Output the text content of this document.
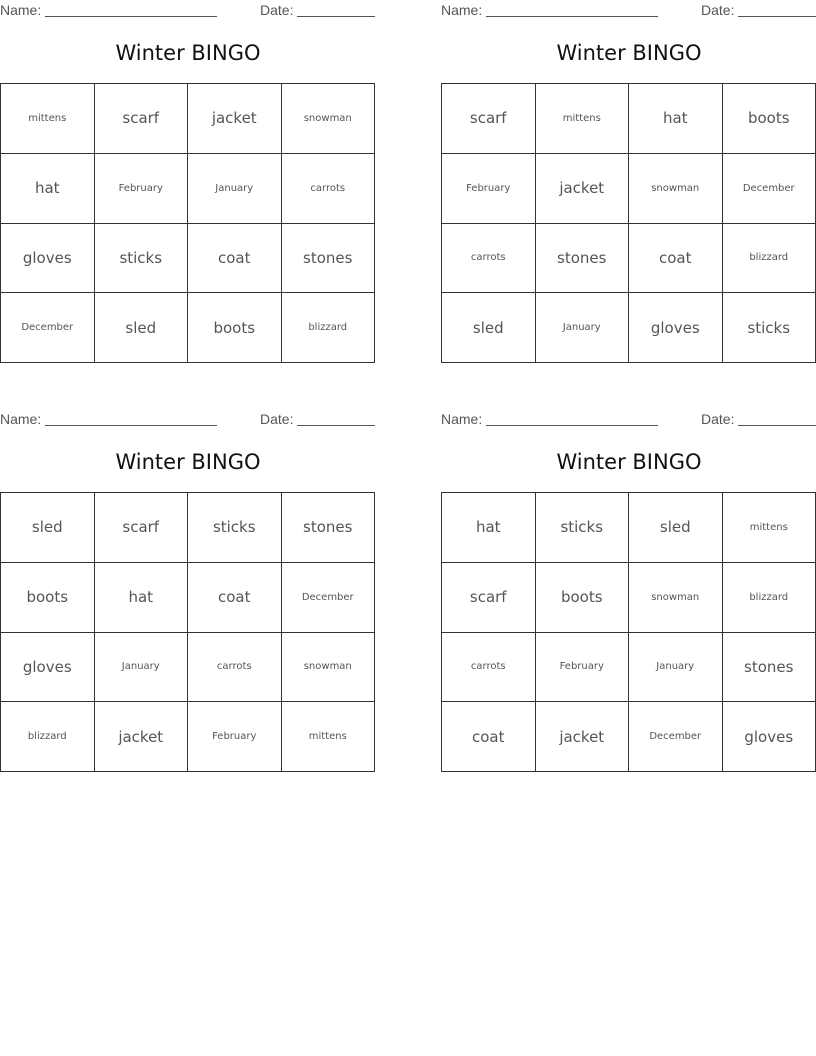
Name:	Date:
Winter BINGO
mittens	scarf	jacket	snowman
hat	February	January	carrots
gloves	sticks	coat	stones
December	sled	boots	blizzard
Name:	Date:
Winter BINGO
scarf	mittens	hat	boots
February	jacket	snowman	December
carrots	stones	coat	blizzard
sled	January	gloves	sticks
Name:	Date:
Winter BINGO
sled	scarf	sticks	stones
boots	hat	coat	December
gloves	January	carrots	snowman
blizzard	jacket	February	mittens
Name:	Date:
Winter BINGO
hat	sticks	sled	mittens
scarf	boots	snowman	blizzard
carrots	February	January	stones
coat	jacket	December	gloves
